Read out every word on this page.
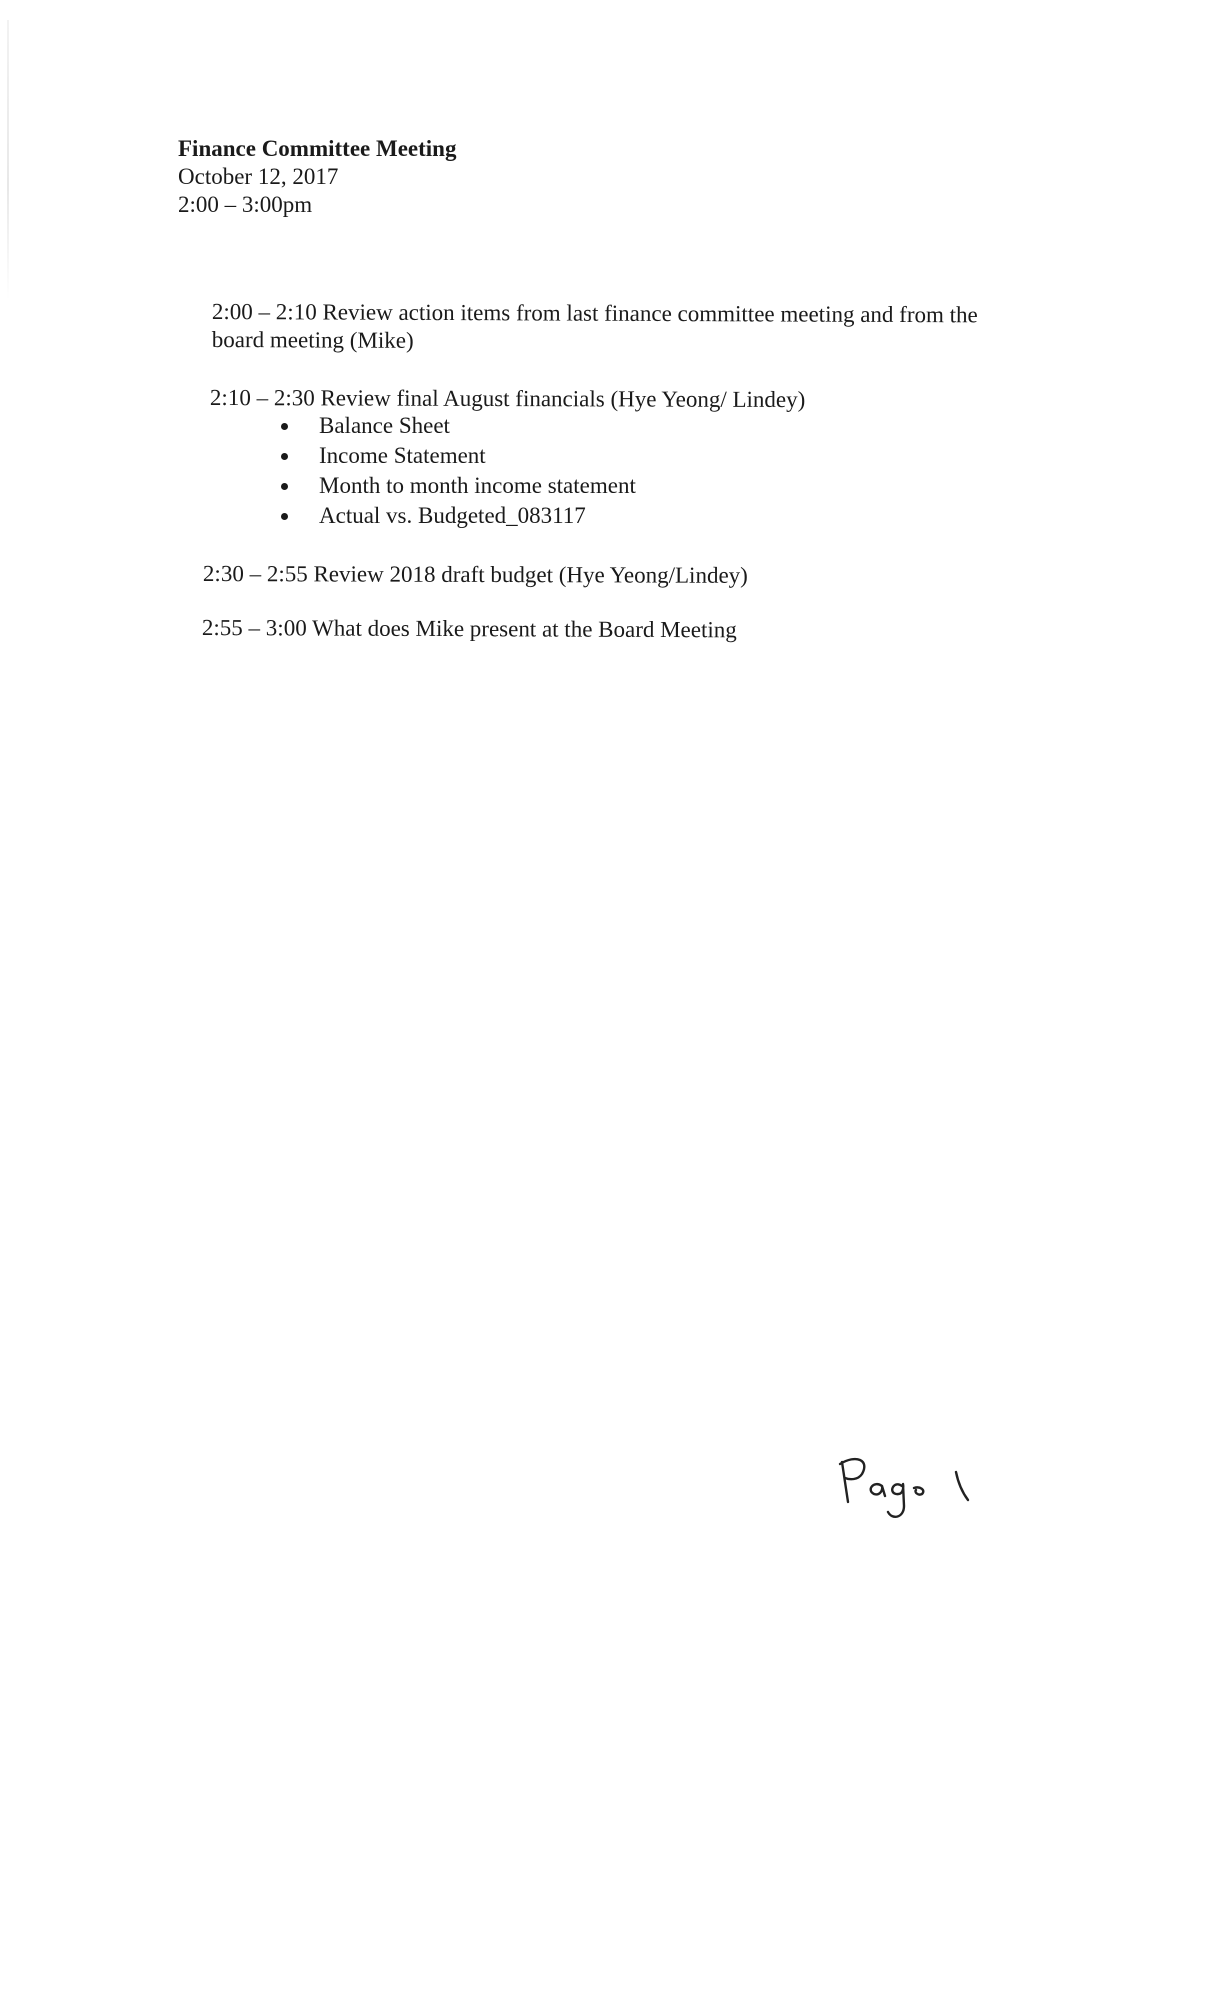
Finance Committee Meeting
October 12, 2017
2:00 – 3:00pm
2:00 – 2:10 Review action items from last finance committee meeting and from the
board meeting (Mike)
2:10 – 2:30 Review final August financials (Hye Yeong/ Lindey)
Balance Sheet
Income Statement
Month to month income statement
Actual vs. Budgeted_083117
2:30 – 2:55 Review 2018 draft budget (Hye Yeong/Lindey)
2:55 – 3:00 What does Mike present at the Board Meeting
